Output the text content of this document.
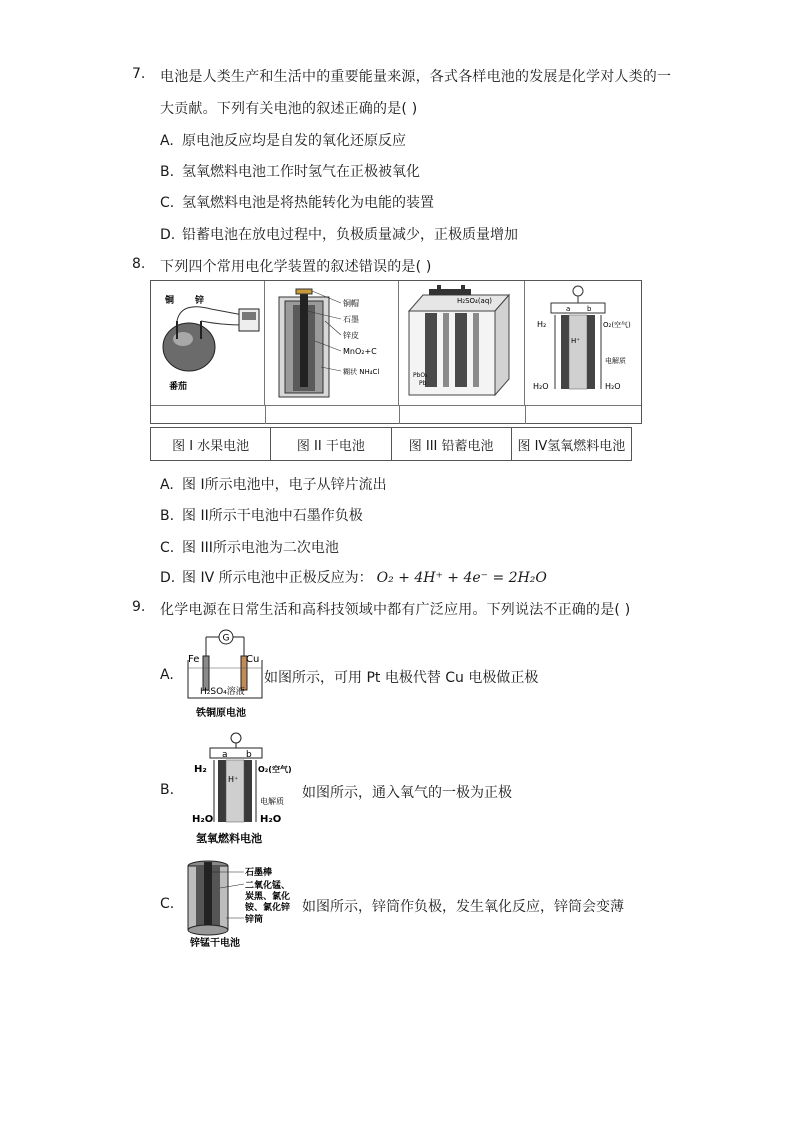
7. 电池是人类生产和生活中的重要能量来源，各式各样电池的发展是化学对人类的一
大贡献。下列有关电池的叙述正确的是( )
A. 原电池反应均是自发的氧化还原反应
B. 氢氧燃料电池工作时氢气在正极被氧化
C. 氢氧燃料电池是将热能转化为电能的装置
D. 铅蓄电池在放电过程中，负极质量减少，正极质量增加
8. 下列四个常用电化学装置的叙述错误的是( )
铜 锌
番茄
铜帽
石墨
锌皮
MnO₂+C
糊状 NH₄Cl
H₂SO₄(aq)
PbO₂
Pb
a b
H₂	O₂(空气)
H⁺
电解质
H₂O	H₂O
图 I 水果电池	图 II 干电池	图 III 铅蓄电池	图 IV氢氧燃料电池
A. 图 I所示电池中，电子从锌片流出
B. 图 II所示干电池中石墨作负极
C. 图 III所示电池为二次电池
D. 图 IV 所示电池中正极反应为： O₂ + 4H⁺ + 4e⁻ = 2H₂O
9. 化学电源在日常生活和高科技领域中都有广泛应用。下列说法不正确的是( )
A.
G
Fe	Cu
H₂SO₄溶液
铁铜原电池
如图所示，可用 Pt 电极代替 Cu 电极做正极
B.
a b
H₂	O₂(空气)
H⁺
电解质
H₂O	H₂O
氢氧燃料电池
如图所示，通入氧气的一极为正极
C.
石墨棒
二氧化锰、
炭黑、氯化
铵、氯化锌
锌筒
锌锰干电池
如图所示，锌筒作负极，发生氧化反应，锌筒会变薄
